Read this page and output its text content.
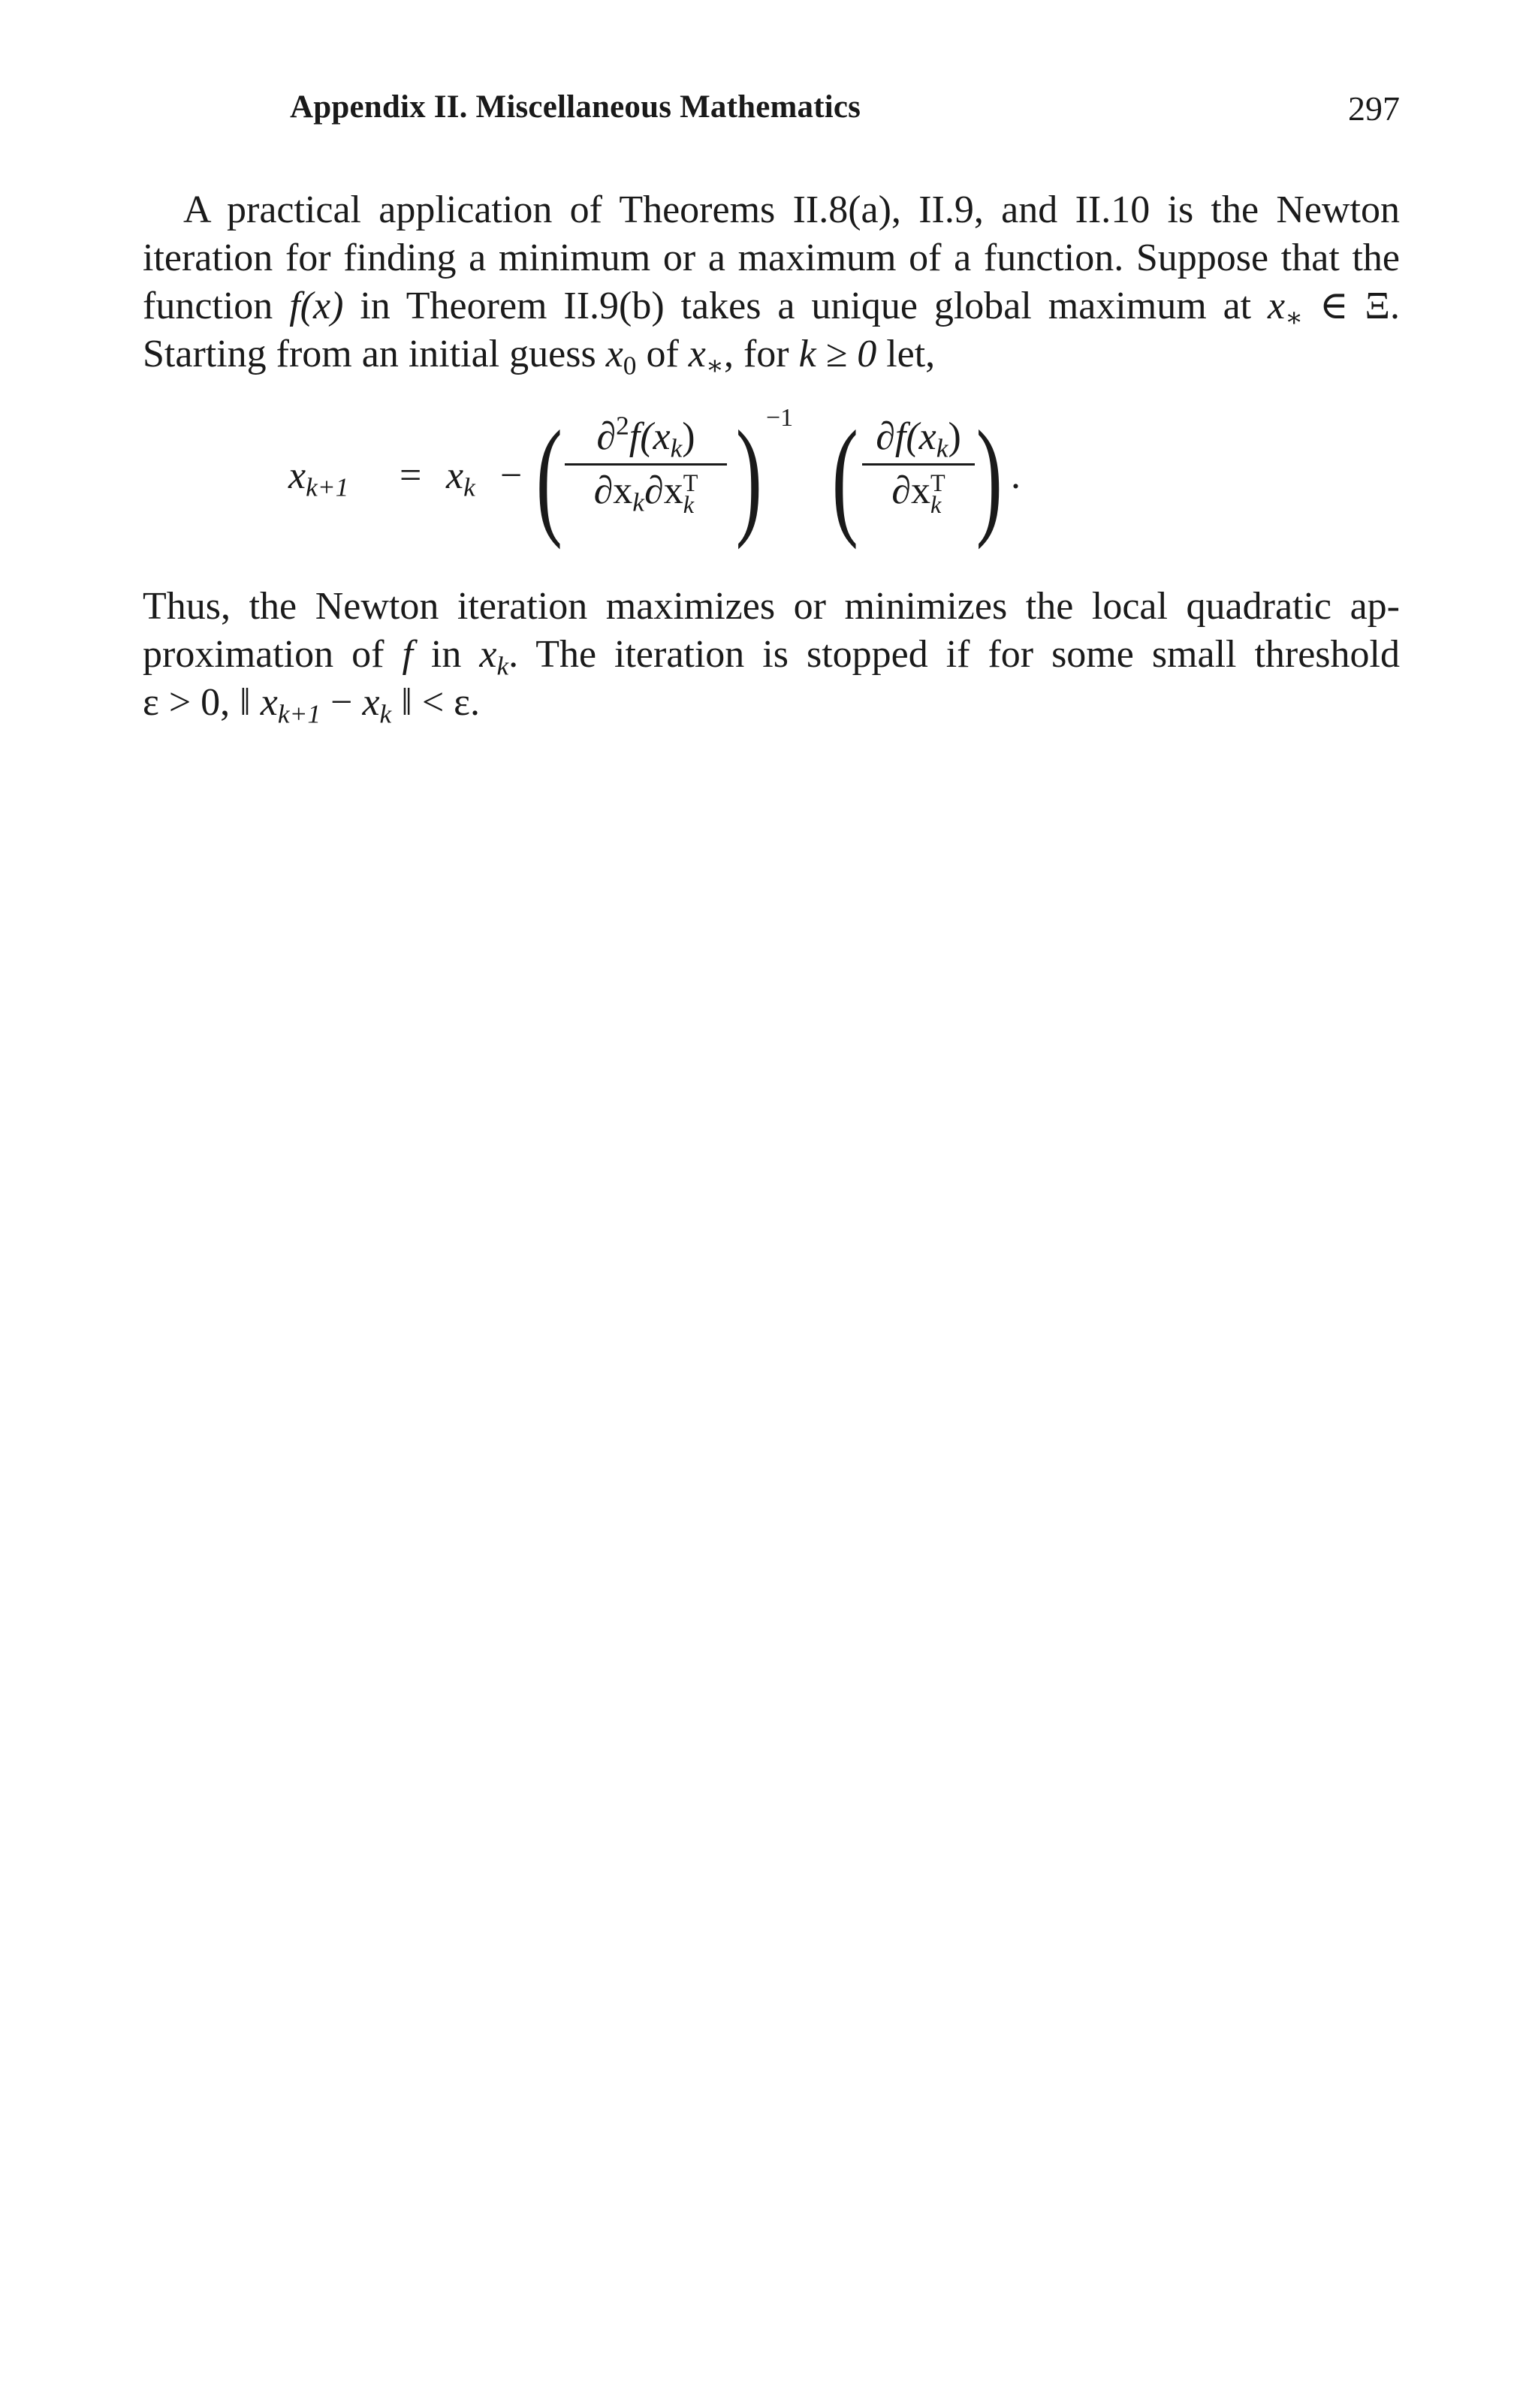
Appendix II. Miscellaneous Mathematics	297
A practical application of Theorems II.8(a), II.9, and II.10 is the Newton
iteration for finding a minimum or a maximum of a function. Suppose that the
function f(x) in Theorem II.9(b) takes a unique global maximum at $x_∗$ ∈ Ξ.
Starting from an initial guess $x_0$ of $x_∗$, for k ≥ 0 let,
$x_{k+1} = x_k$ − ( $\partial^2f(x_k)$
$\partial x_k\partial x$ T
k ) −1 ( $\partial f(x_k)$
∂x T
k ) .
Thus, the Newton iteration maximizes or minimizes the local quadratic ap-
proximation of f in $x_k$. The iteration is stopped if for some small threshold
ε > 0, ‖ $x_{k+1} - x_k$ ‖ < ε.
